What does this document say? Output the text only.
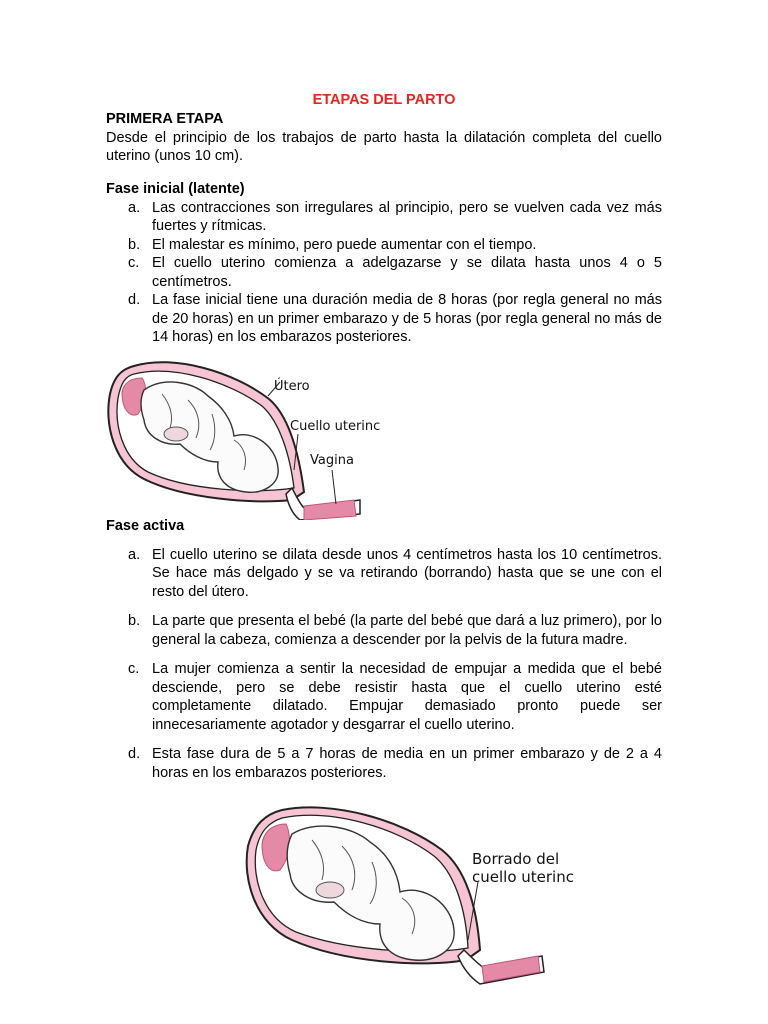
ETAPAS DEL PARTO
PRIMERA ETAPA
Desde el principio de los trabajos de parto hasta la dilatación completa del cuello uterino (unos 10 cm).
Fase inicial (latente)
a. Las contracciones son irregulares al principio, pero se vuelven cada vez más fuertes y rítmicas.
b. El malestar es mínimo, pero puede aumentar con el tiempo.
c. El cuello uterino comienza a adelgazarse y se dilata hasta unos 4 o 5 centímetros.
d. La fase inicial tiene una duración media de 8 horas (por regla general no más de 20 horas) en un primer embarazo y de 5 horas (por regla general no más de 14 horas) en los embarazos posteriores.
Útero
Cuello uterinc
Vagina
Fase activa
a. El cuello uterino se dilata desde unos 4 centímetros hasta los 10 centímetros. Se hace más delgado y se va retirando (borrando) hasta que se une con el resto del útero.
b. La parte que presenta el bebé (la parte del bebé que dará a luz primero), por lo general la cabeza, comienza a descender por la pelvis de la futura madre.
c. La mujer comienza a sentir la necesidad de empujar a medida que el bebé desciende, pero se debe resistir hasta que el cuello uterino esté completamente dilatado. Empujar demasiado pronto puede ser innecesariamente agotador y desgarrar el cuello uterino.
d. Esta fase dura de 5 a 7 horas de media en un primer embarazo y de 2 a 4 horas en los embarazos posteriores.
Borrado del
cuello uterinc
